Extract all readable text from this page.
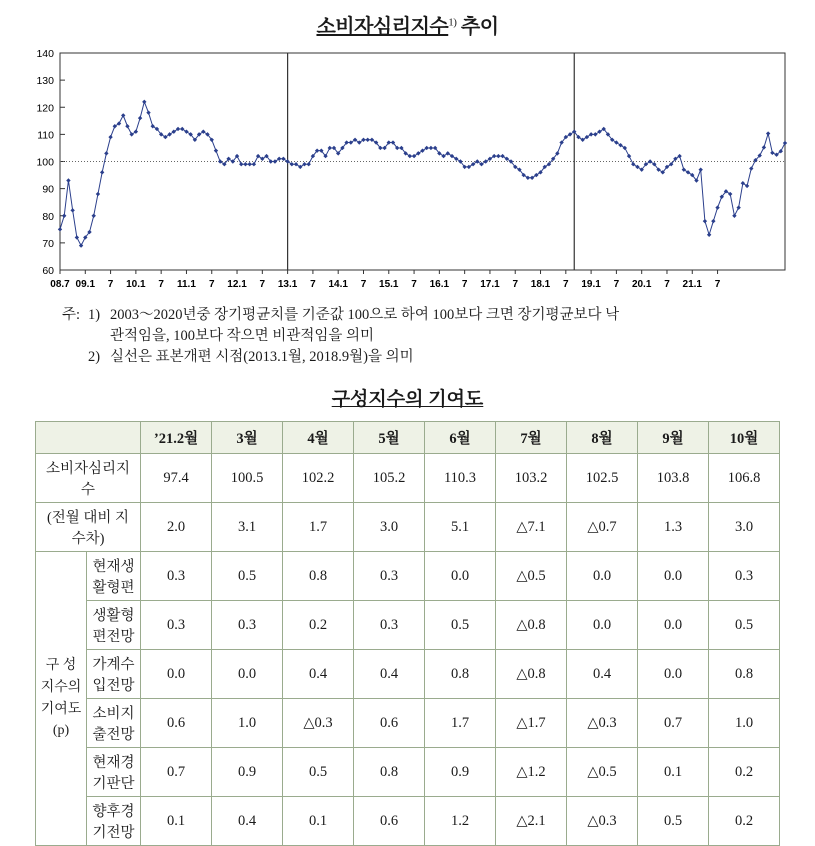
소비자심리지수$^{1)}$ 추이
60
70
80
90
100
110
120
130
140
08.7 09.1 7 10.1 7 11.1 7 12.1 7 13.1 7 14.1 7 15.1 7 16.1 7 17.1 7 18.1 7 19.1 7 20.1 7 21.1 7
주: 1) 2003～2020년중 장기평균치를 기준값 100으로 하여 100보다 크면 장기평균보다 낙
관적임을, 100보다 작으면 비관적임을 의미
2) 실선은 표본개편 시점(2013.1월, 2018.9월)을 의미
구성지수의 기여도
		’21.2월	3월	4월	5월	6월	7월	8월	9월	10월
소비자심리지수		97.4	100.5	102.2	105.2	110.3	103.2	102.5	103.8	106.8
(전월 대비 지수차)		2.0	3.1	1.7	3.0	5.1	△7.1	△0.7	1.3	3.0

구 성
지수의
기여도
(p)	현재생활형편	0.3	0.5	0.8	0.3	0.0	△0.5	0.0	0.0	0.3
	생활형편전망	0.3	0.3	0.2	0.3	0.5	△0.8	0.0	0.0	0.5
	가계수입전망	0.0	0.0	0.4	0.4	0.8	△0.8	0.4	0.0	0.8
	소비지출전망	0.6	1.0	△0.3	0.6	1.7	△1.7	△0.3	0.7	1.0
	현재경기판단	0.7	0.9	0.5	0.8	0.9	△1.2	△0.5	0.1	0.2
	향후경기전망	0.1	0.4	0.1	0.6	1.2	△2.1	△0.3	0.5	0.2
